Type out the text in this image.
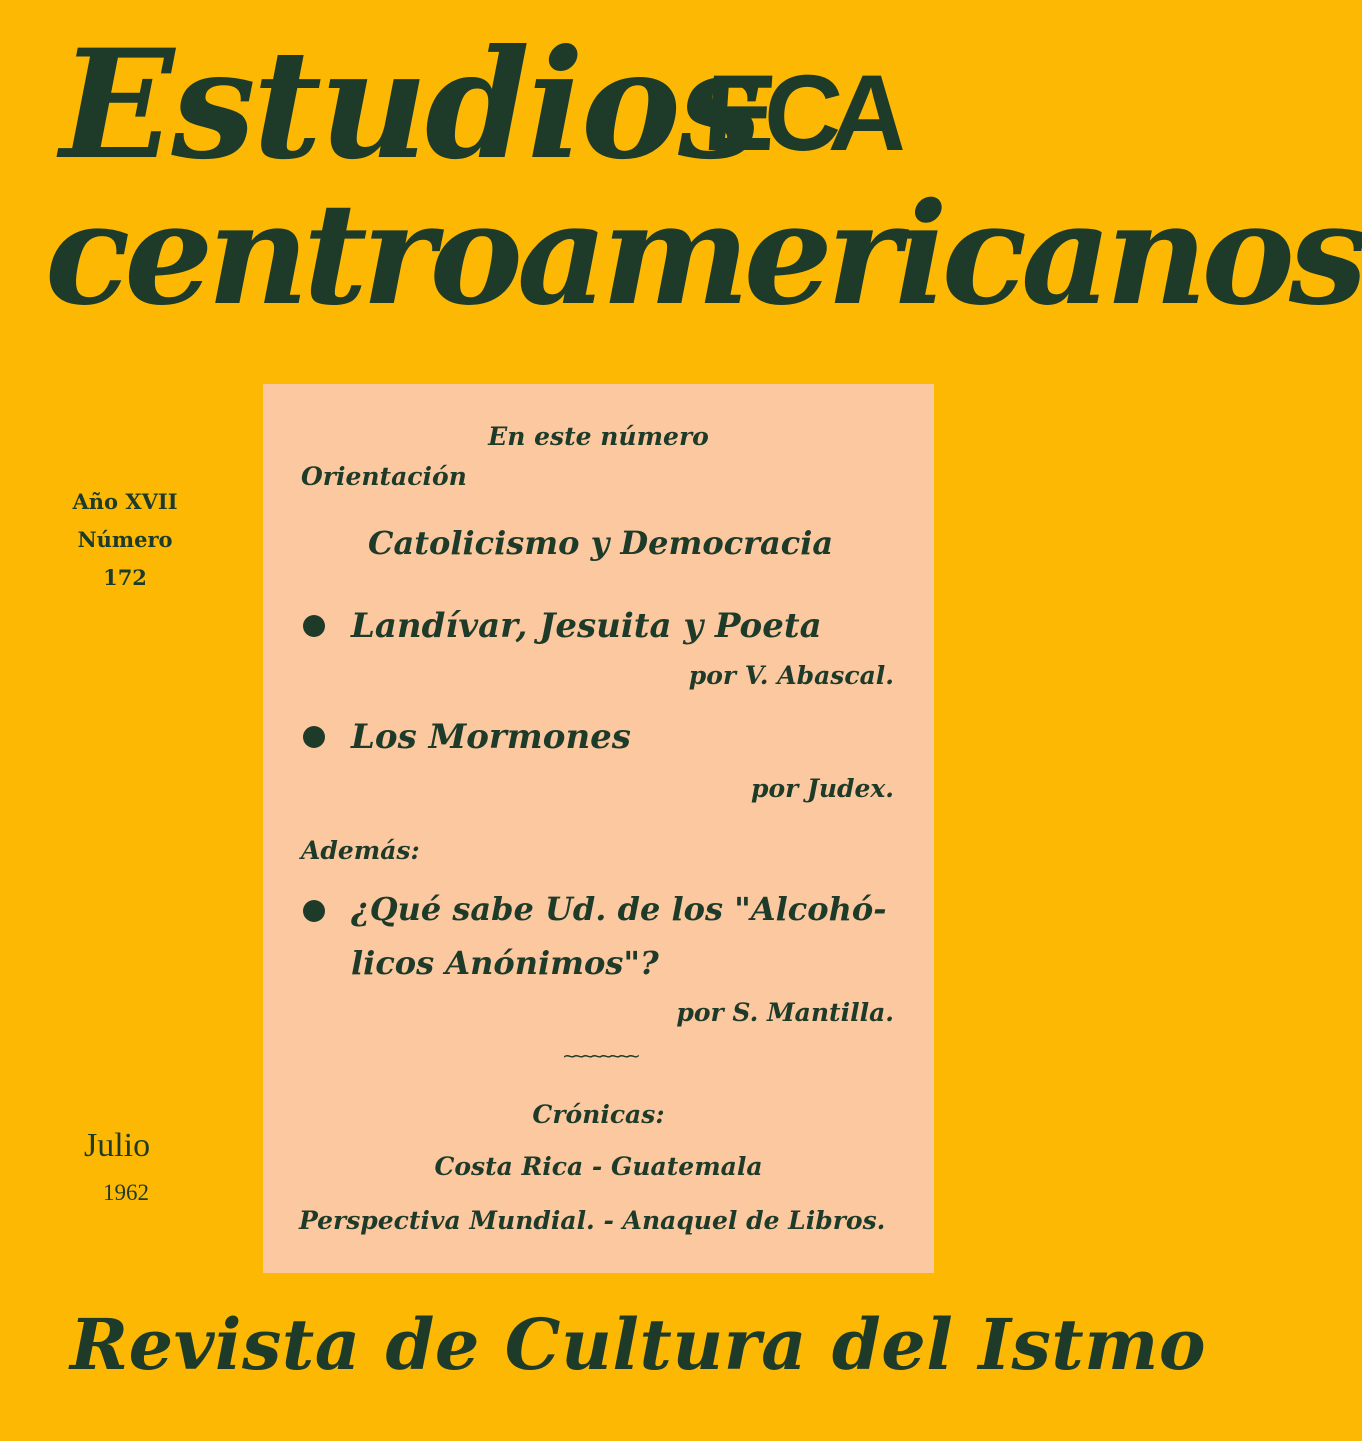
Estudios
centroamericanos
ECA
Año XVII
Número
172
Julio
1962
En este número
Orientación
Catolicismo y Democracia
Landívar, Jesuita y Poeta
por V. Abascal.
Los Mormones
por Judex.
Además:
¿Qué sabe Ud. de los "Alcohó-
licos Anónimos"?
por S. Mantilla.
~~~~~~~~
Crónicas:
Costa Rica - Guatemala
Perspectiva Mundial. - Anaquel de Libros.
Revista de Cultura del Istmo
